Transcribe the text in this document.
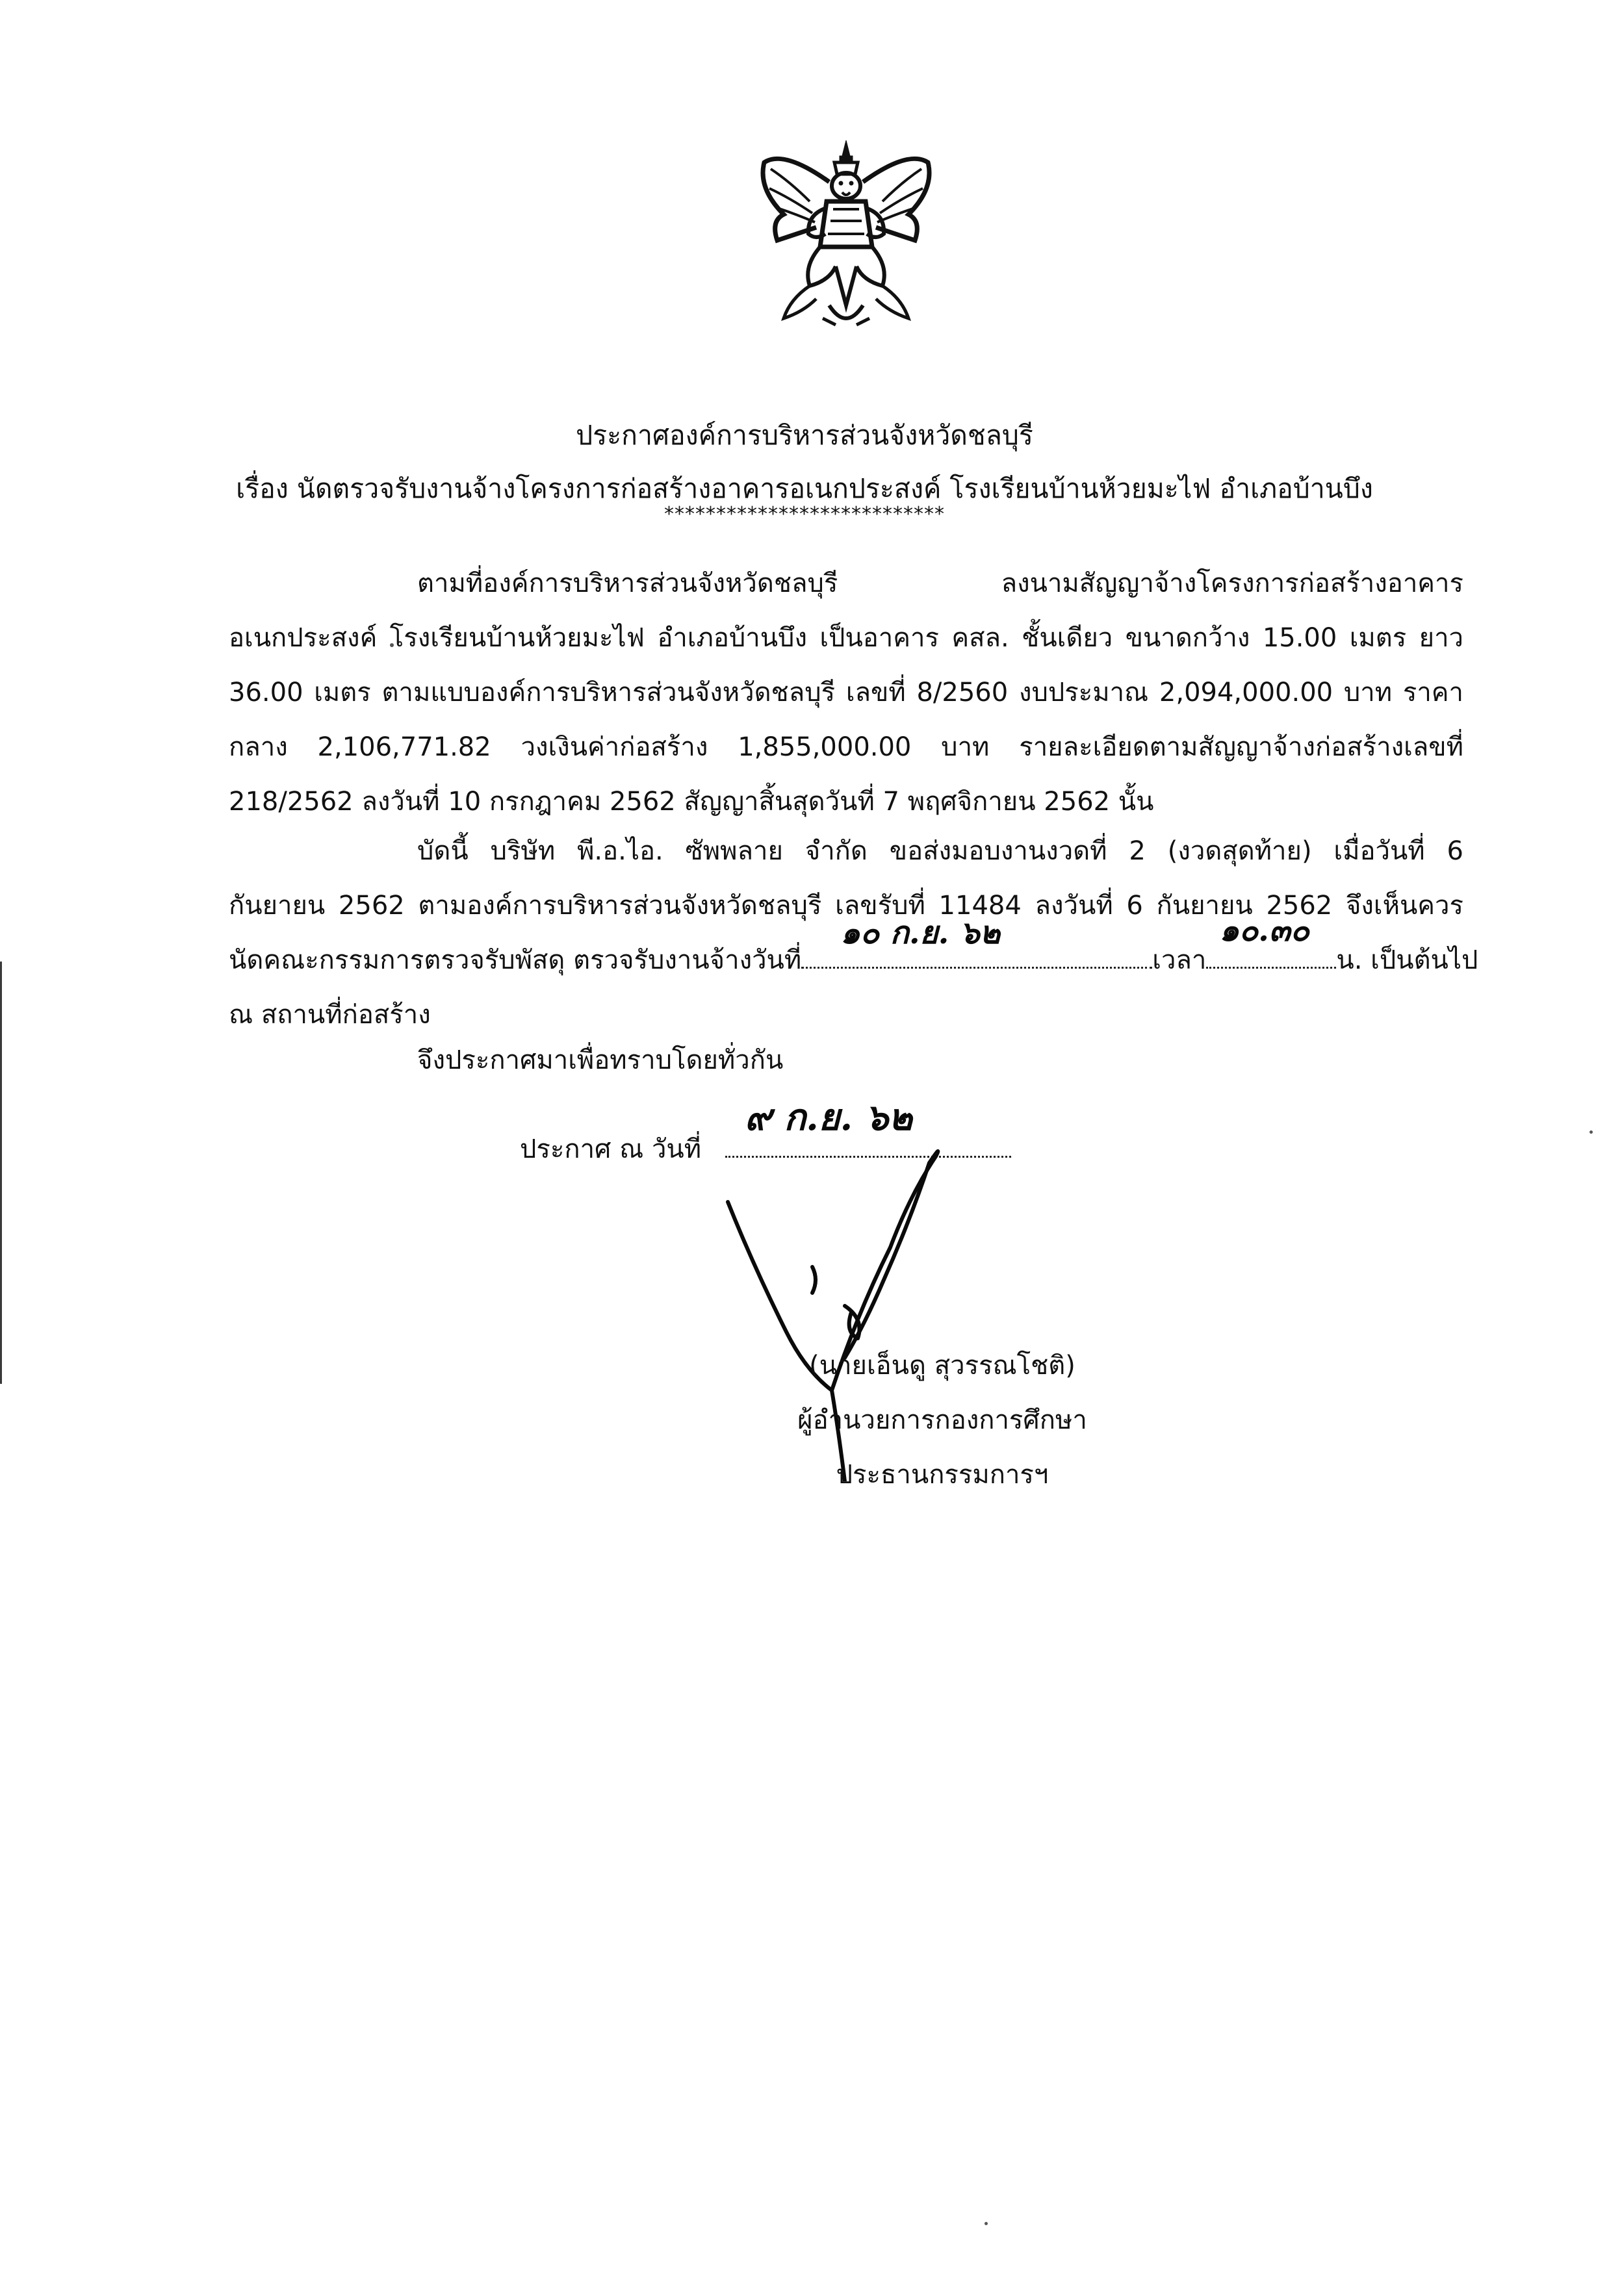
ประกาศองค์การบริหารส่วนจังหวัดชลบุรี
เรื่อง นัดตรวจรับงานจ้างโครงการก่อสร้างอาคารอเนกประสงค์ โรงเรียนบ้านห้วยมะไฟ อำเภอบ้านบึง
***************************
ตามที่องค์การบริหารส่วนจังหวัดชลบุรี ลงนามสัญญาจ้างโครงการก่อสร้างอาคาร
อเนกประสงค์ โรงเรียนบ้านห้วยมะไฟ อำเภอบ้านบึง เป็นอาคาร คสล. ชั้นเดียว ขนาดกว้าง 15.00 เมตร ยาว
36.00 เมตร ตามแบบองค์การบริหารส่วนจังหวัดชลบุรี เลขที่ 8/2560 งบประมาณ 2,094,000.00 บาท ราคา
กลาง 2,106,771.82 วงเงินค่าก่อสร้าง 1,855,000.00 บาท รายละเอียดตามสัญญาจ้างก่อสร้างเลขที่
218/2562 ลงวันที่ 10 กรกฎาคม 2562 สัญญาสิ้นสุดวันที่ 7 พฤศจิกายน 2562 นั้น
บัดนี้ บริษัท พี.อ.ไอ. ซัพพลาย จำกัด ขอส่งมอบงานงวดที่ 2 (งวดสุดท้าย) เมื่อวันที่ 6
กันยายน 2562 ตามองค์การบริหารส่วนจังหวัดชลบุรี เลขรับที่ 11484 ลงวันที่ 6 กันยายน 2562 จึงเห็นควร
นัดคณะกรรมการตรวจรับพัสดุ ตรวจรับงานจ้างวันที่
๑๐ ก.ย. ๖๒
เวลา
๑๐.๓๐
น. เป็นต้นไป
ณ สถานที่ก่อสร้าง
จึงประกาศมาเพื่อทราบโดยทั่วกัน
ประกาศ ณ วันที่
๙ ก.ย. ๖๒
(นายเอ็นดู สุวรรณโชติ)
ผู้อำนวยการกองการศึกษา
ประธานกรรมการฯ
